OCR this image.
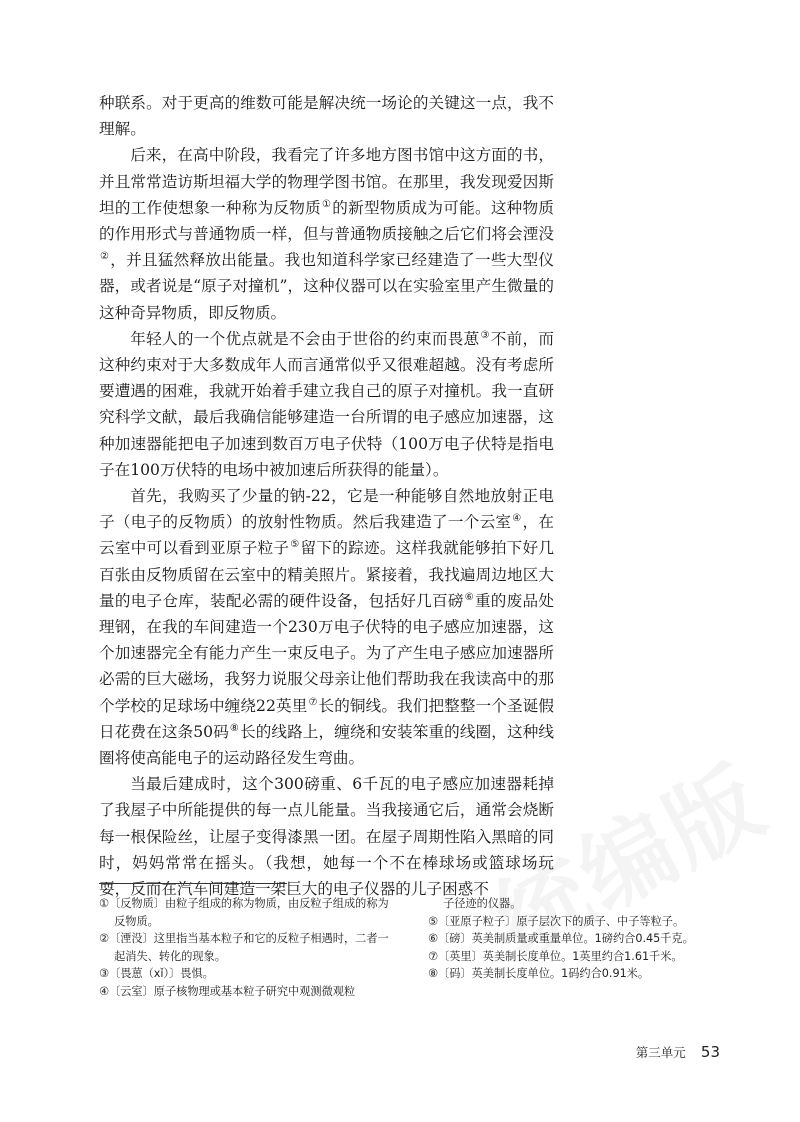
种联系。对于更高的维数可能是解决统一场论的关键这一点，我不理解。

后来，在高中阶段，我看完了许多地方图书馆中这方面的书，并且常常造访斯坦福大学的物理学图书馆。在那里，我发现爱因斯坦的工作使想象一种称为反物质①的新型物质成为可能。这种物质的作用形式与普通物质一样，但与普通物质接触之后它们将会湮没②，并且猛然释放出能量。我也知道科学家已经建造了一些大型仪器，或者说是“原子对撞机”，这种仪器可以在实验室里产生微量的这种奇异物质，即反物质。

年轻人的一个优点就是不会由于世俗的约束而畏葸③不前，而这种约束对于大多数成年人而言通常似乎又很难超越。没有考虑所要遭遇的困难，我就开始着手建立我自己的原子对撞机。我一直研究科学文献，最后我确信能够建造一台所谓的电子感应加速器，这种加速器能把电子加速到数百万电子伏特（100万电子伏特是指电子在100万伏特的电场中被加速后所获得的能量）。

首先，我购买了少量的钠-22，它是一种能够自然地放射正电子（电子的反物质）的放射性物质。然后我建造了一个云室④，在云室中可以看到亚原子粒子⑤留下的踪迹。这样我就能够拍下好几百张由反物质留在云室中的精美照片。紧接着，我找遍周边地区大量的电子仓库，装配必需的硬件设备，包括好几百磅⑥重的废品处理钢，在我的车间建造一个230万电子伏特的电子感应加速器，这个加速器完全有能力产生一束反电子。为了产生电子感应加速器所必需的巨大磁场，我努力说服父母亲让他们帮助我在我读高中的那个学校的足球场中缠绕22英里⑦长的铜线。我们把整整一个圣诞假日花费在这条50码⑧长的线路上，缠绕和安装笨重的线圈，这种线圈将使高能电子的运动路径发生弯曲。

当最后建成时，这个300磅重、6千瓦的电子感应加速器耗掉了我屋子中所能提供的每一点儿能量。当我接通它后，通常会烧断每一根保险丝，让屋子变得漆黑一团。在屋子周期性陷入黑暗的同时，妈妈常常在摇头。（我想，她每一个不在棒球场或篮球场玩耍，反而在汽车间建造一架巨大的电子仪器的儿子困惑不

①〔反物质〕由粒子组成的称为物质，由反粒子组成的称为反物质。
②〔湮没〕这里指当基本粒子和它的反粒子相遇时，二者一起消失、转化的现象。
③〔畏葸（xǐ）〕畏惧。
④〔云室〕原子核物理或基本粒子研究中观测微观粒
子径迹的仪器。
⑤〔亚原子粒子〕原子层次下的质子、中子等粒子。
⑥〔磅〕英美制质量或重量单位。1磅约合0.45千克。
⑦〔英里〕英美制长度单位。1英里约合1.61千米。
⑧〔码〕英美制长度单位。1码约合0.91米。
第三单元 53
